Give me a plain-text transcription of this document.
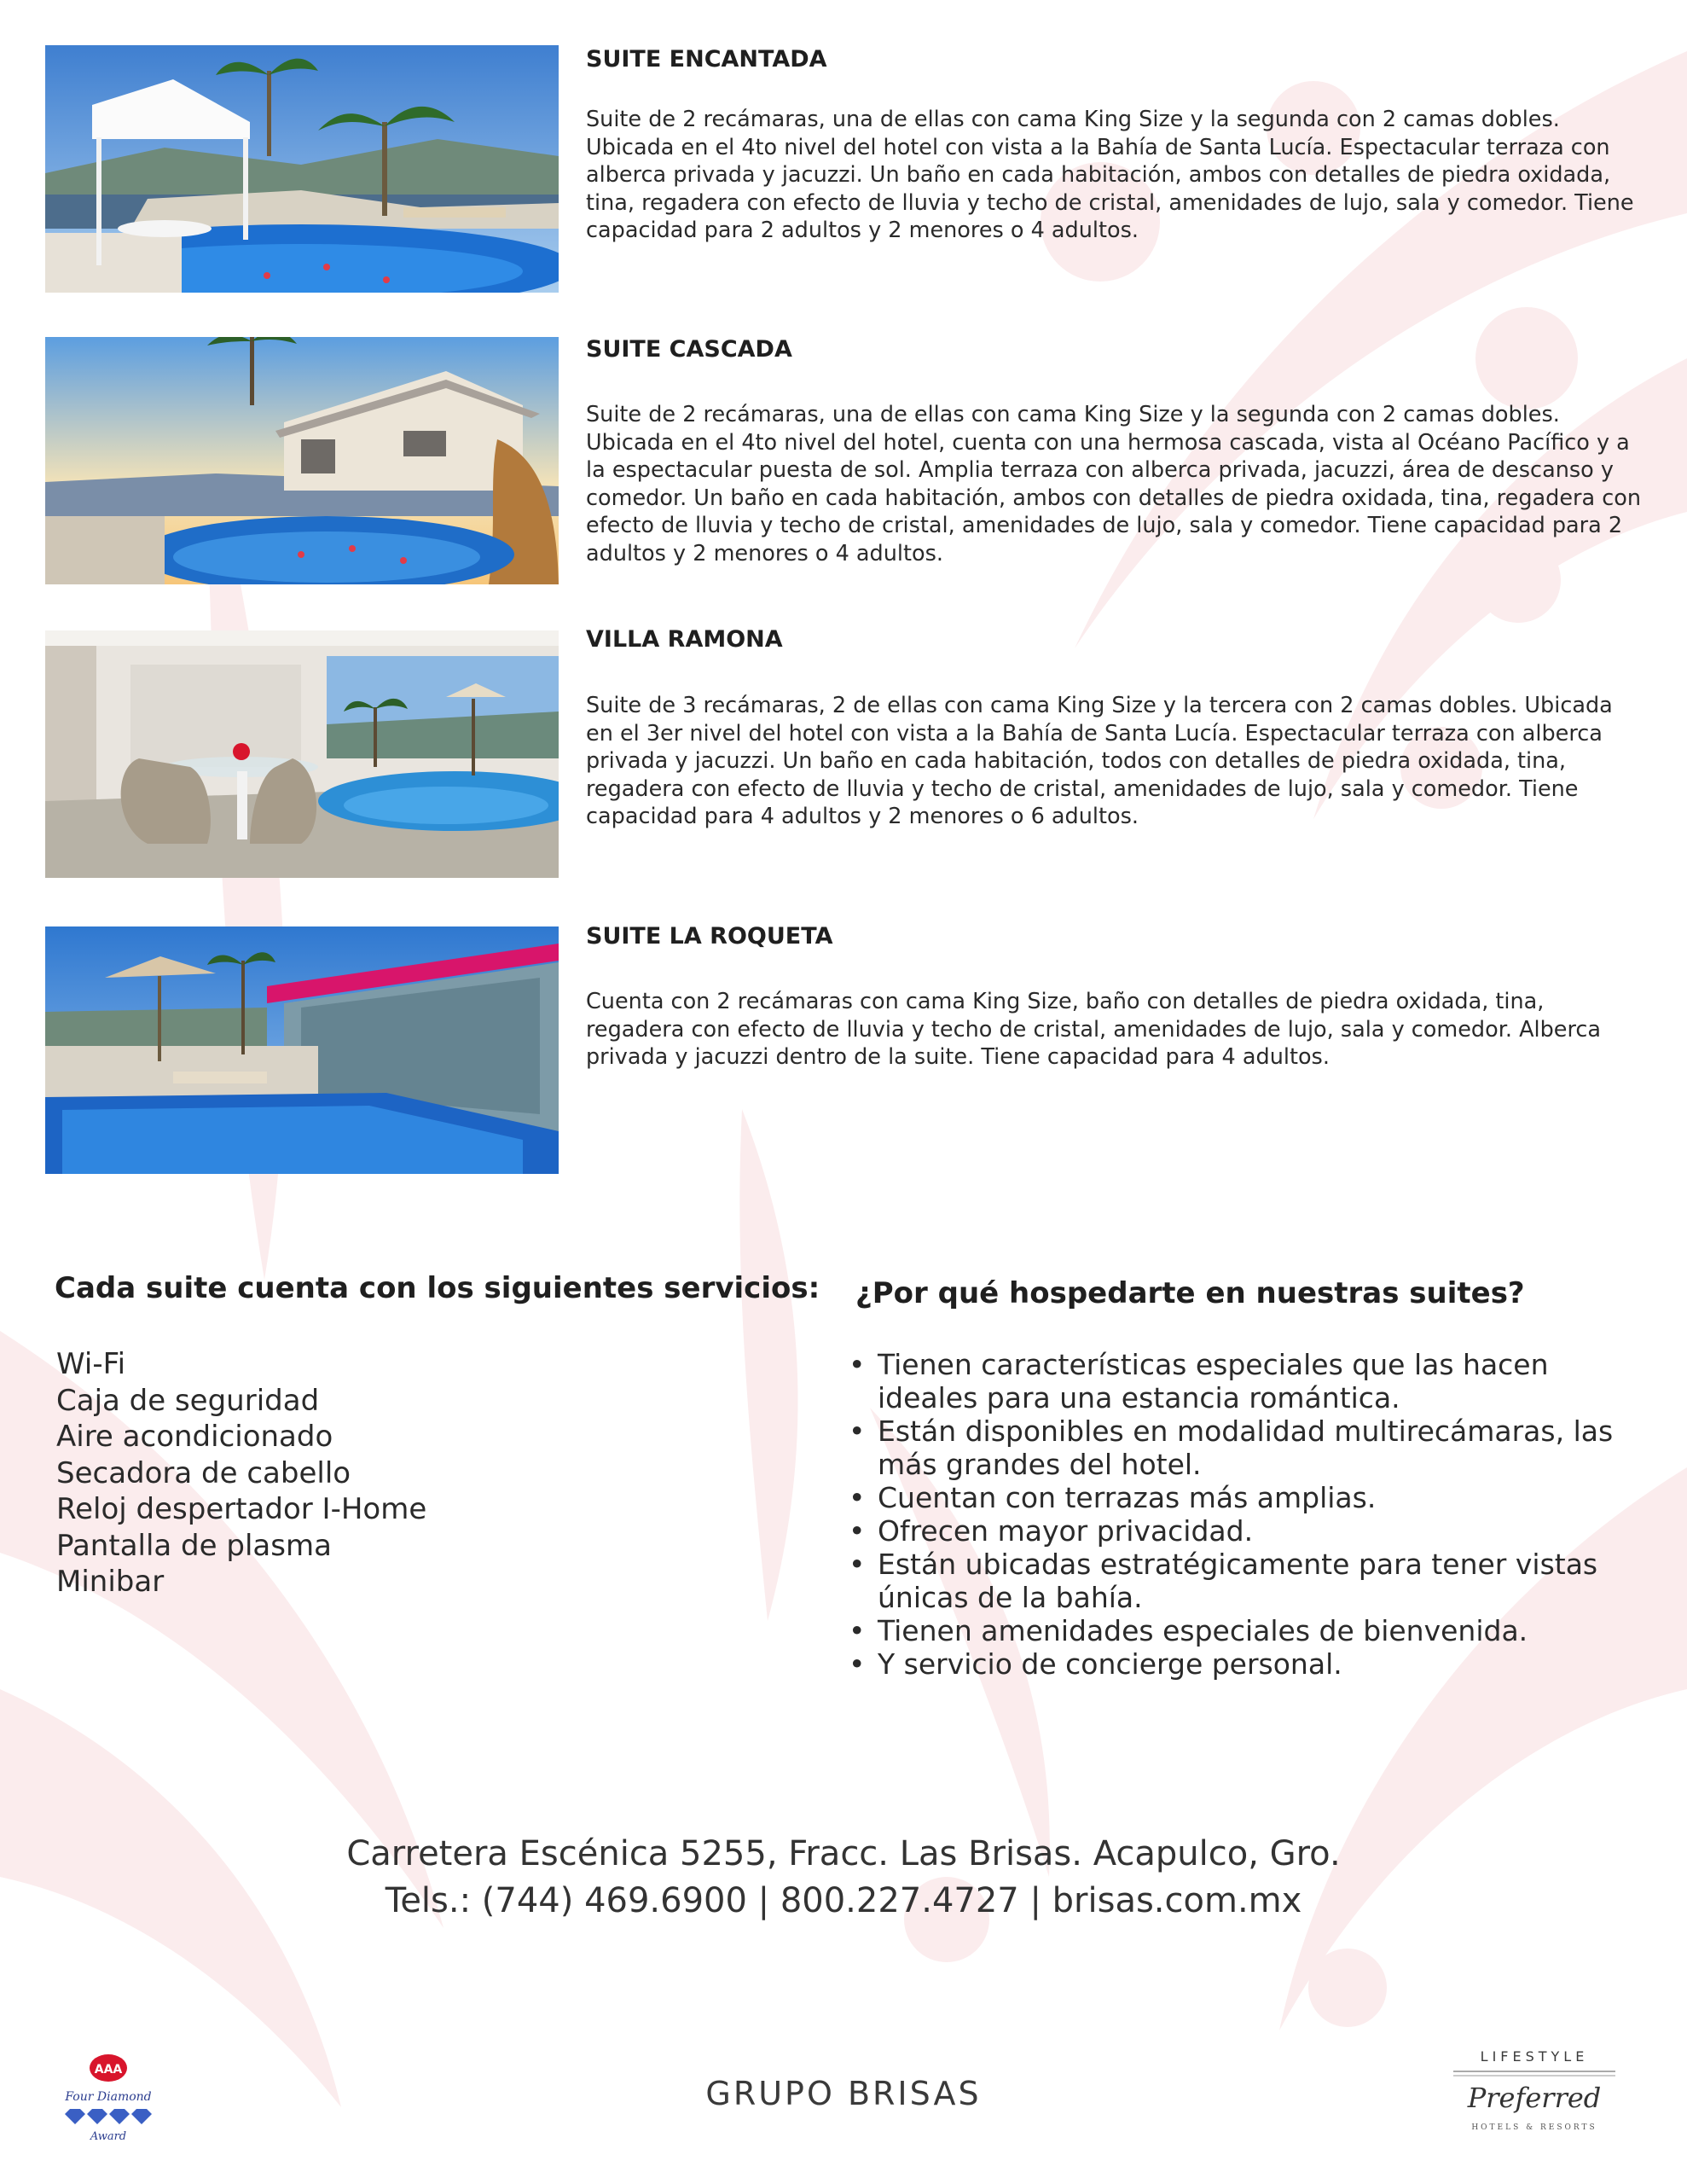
SUITE ENCANTADA
Suite de 2 recámaras, una de ellas con cama King Size y la segunda con 2 camas dobles. Ubicada en el 4to nivel del hotel con vista a la Bahía de Santa Lucía. Espectacular terraza con alberca privada y jacuzzi. Un baño en cada habitación, ambos con detalles de piedra oxidada, tina, regadera con efecto de lluvia y techo de cristal, amenidades de lujo, sala y comedor. Tiene capacidad para 2 adultos y 2 menores o 4 adultos.
SUITE CASCADA
Suite de 2 recámaras, una de ellas con cama King Size y la segunda con 2 camas dobles. Ubicada en el 4to nivel del hotel, cuenta con una hermosa cascada, vista al Océano Pacífico y a la espectacular puesta de sol. Amplia terraza con alberca privada, jacuzzi, área de descanso y comedor. Un baño en cada habitación, ambos con detalles de piedra oxidada, tina, regadera con efecto de lluvia y techo de cristal, amenidades de lujo, sala y comedor. Tiene capacidad para 2 adultos y 2 menores o 4 adultos.
VILLA RAMONA
Suite de 3 recámaras, 2 de ellas con cama King Size y la tercera con 2 camas dobles. Ubicada en el 3er nivel del hotel con vista a la Bahía de Santa Lucía. Espectacular terraza con alberca privada y jacuzzi. Un baño en cada habitación, todos con detalles de piedra oxidada, tina, regadera con efecto de lluvia y techo de cristal, amenidades de lujo, sala y comedor. Tiene capacidad para 4 adultos y 2 menores o 6 adultos.
SUITE LA ROQUETA
Cuenta con 2 recámaras con cama King Size, baño con detalles de piedra oxidada, tina, regadera con efecto de lluvia y techo de cristal, amenidades de lujo, sala y comedor. Alberca privada y jacuzzi dentro de la suite. Tiene capacidad para 4 adultos.
Cada suite cuenta con los siguientes servicios:
Wi-Fi
Caja de seguridad
Aire acondicionado
Secadora de cabello
Reloj despertador I-Home
Pantalla de plasma
Minibar
¿Por qué hospedarte en nuestras suites?
• Tienen características especiales que las hacen ideales para una estancia romántica.
• Están disponibles en modalidad multirecámaras, las más grandes del hotel.
• Cuentan con terrazas más amplias.
• Ofrecen mayor privacidad.
• Están ubicadas estratégicamente para tener vistas únicas de la bahía.
• Tienen amenidades especiales de bienvenida.
• Y servicio de concierge personal.
Carretera Escénica 5255, Fracc. Las Brisas. Acapulco, Gro.
Tels.: (744) 469.6900 | 800.227.4727 | brisas.com.mx
AAA
Four Diamond
Award
GRUPO BRISAS
LIFESTYLE
Preferred
HOTELS & RESORTS
